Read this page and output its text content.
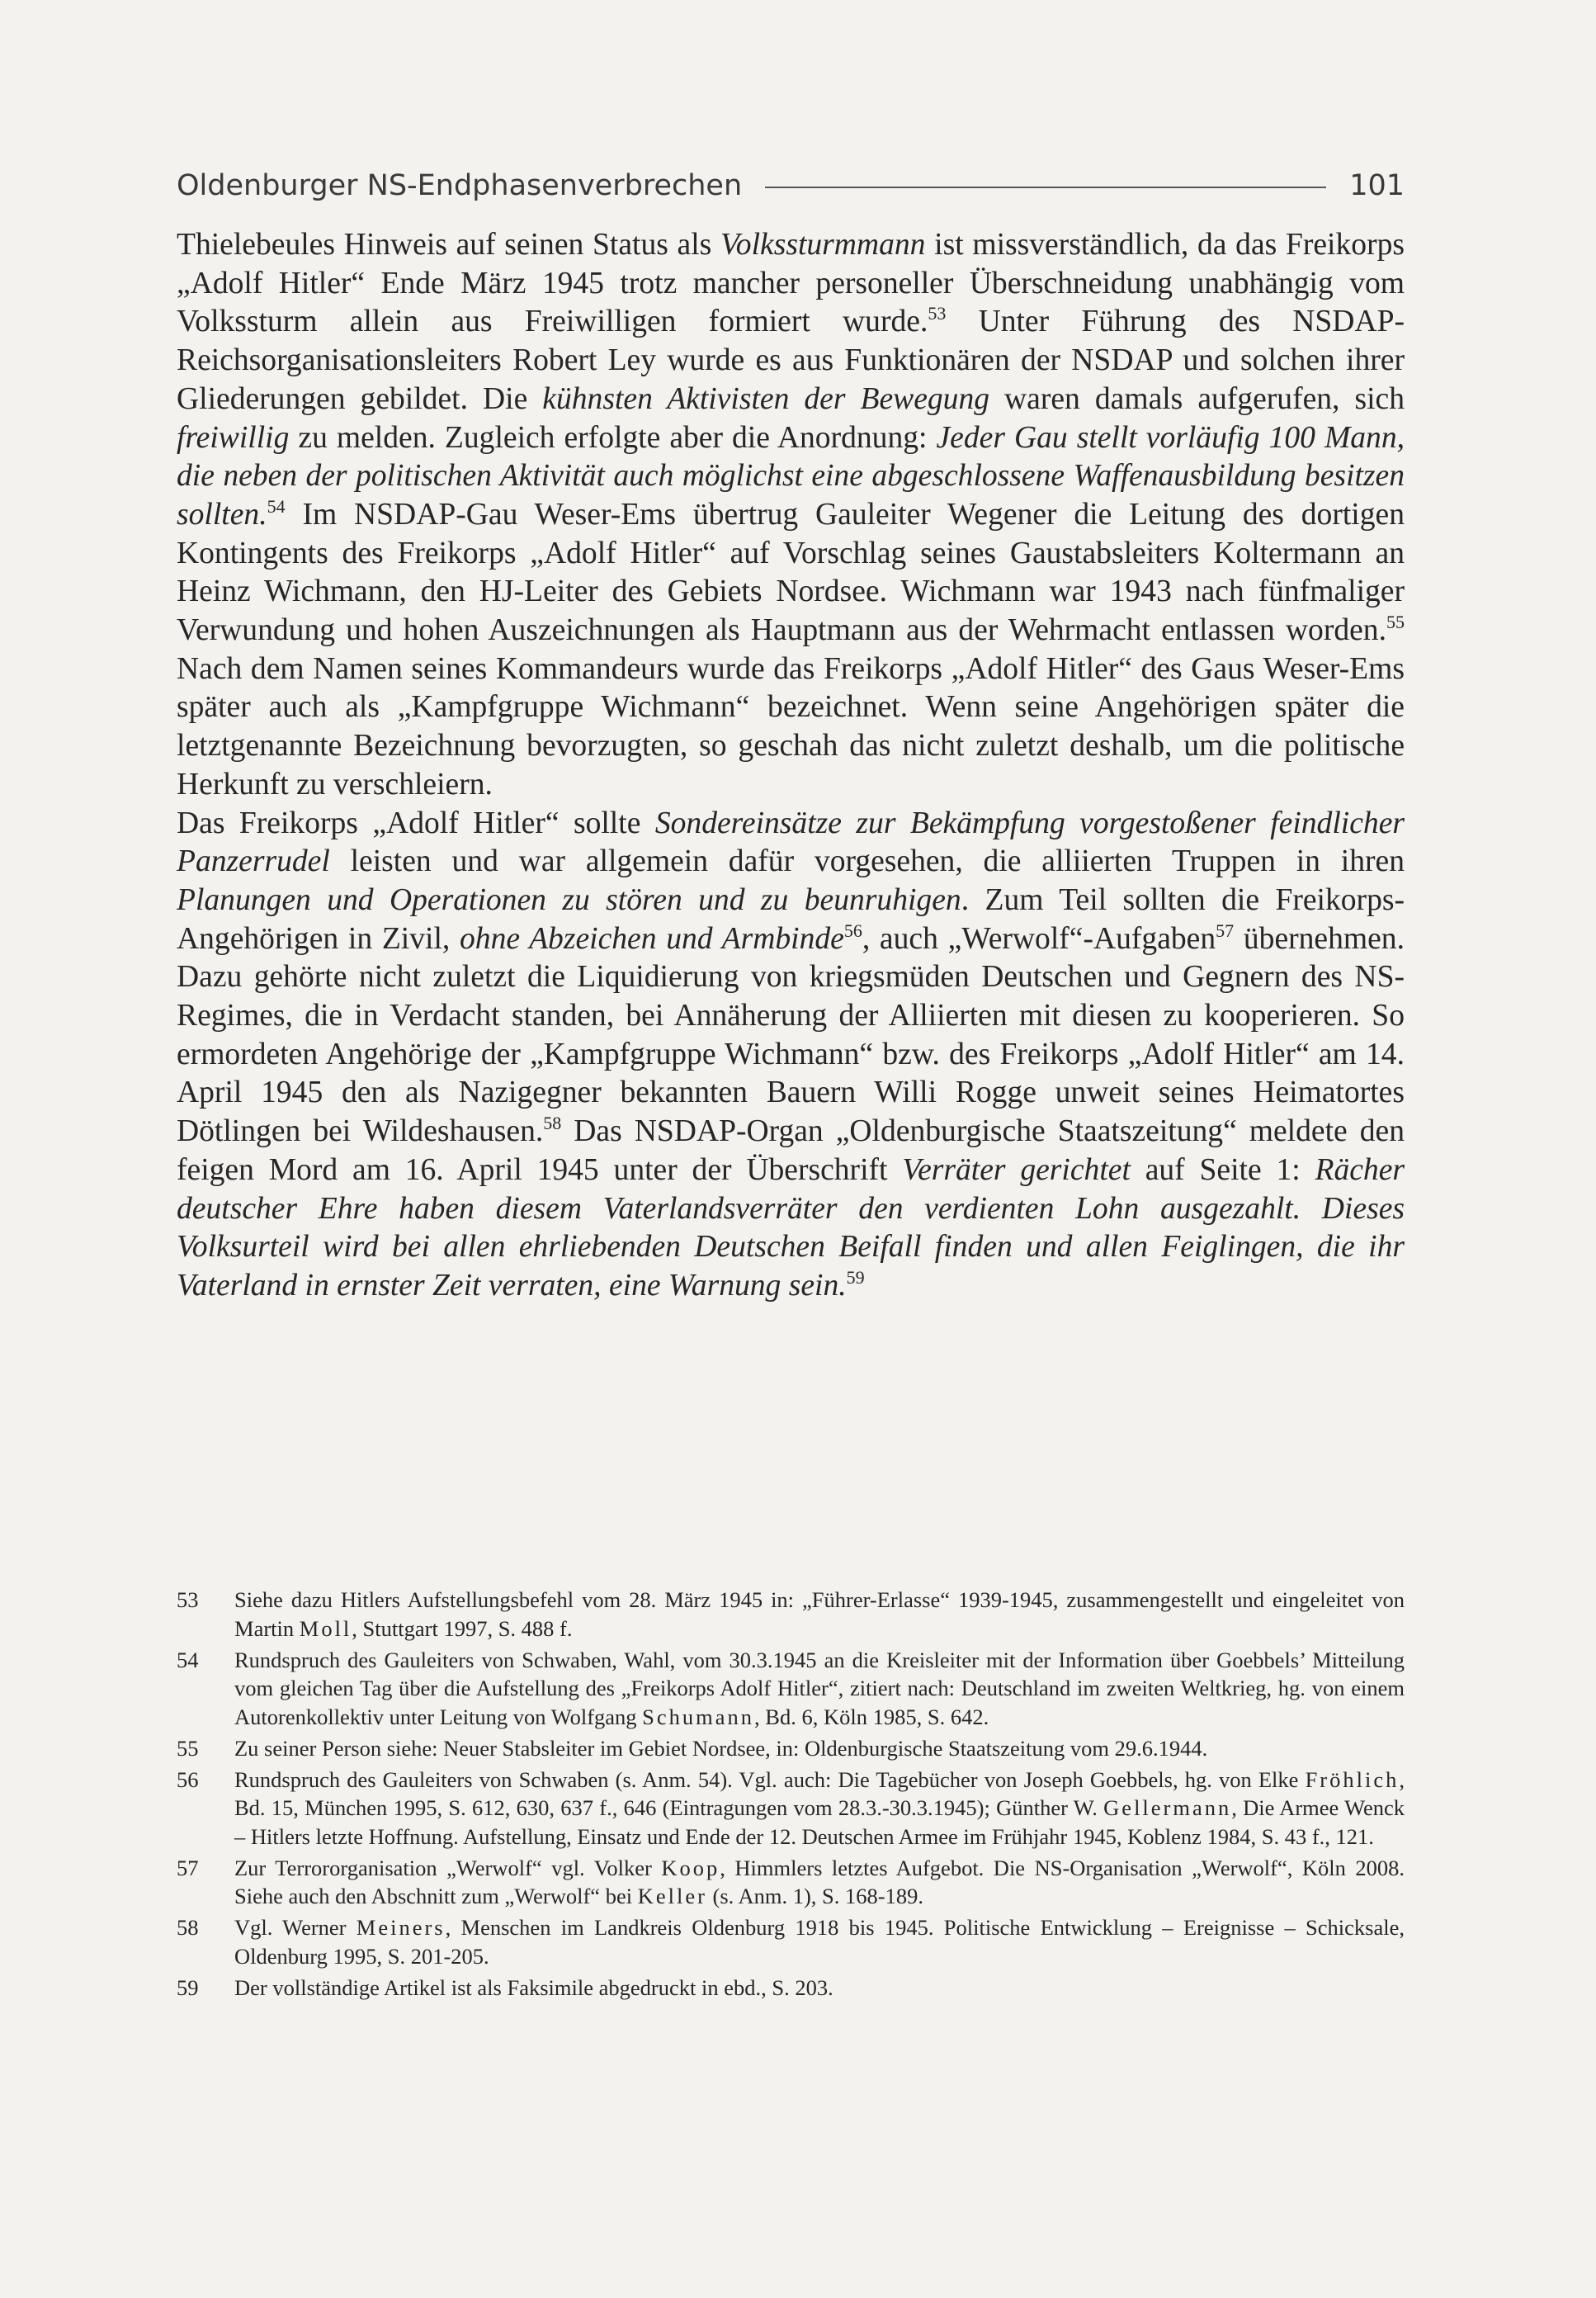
Oldenburger NS-Endphasenverbrechen	101

Thielebeules Hinweis auf seinen Status als Volkssturmmann ist missverständlich, da das Freikorps „Adolf Hitler“ Ende März 1945 trotz mancher personeller Überschneidung unabhängig vom Volkssturm allein aus Freiwilligen formiert wurde.$^{53}$ Unter Führung des NSDAP-Reichsorganisationsleiters Robert Ley wurde es aus Funktionären der NSDAP und solchen ihrer Gliederungen gebildet. Die kühnsten Aktivisten der Bewegung waren damals aufgerufen, sich freiwillig zu melden. Zugleich erfolgte aber die Anordnung: Jeder Gau stellt vorläufig 100 Mann, die neben der politischen Aktivität auch möglichst eine abgeschlossene Waffenausbildung besitzen sollten.$^{54}$ Im NSDAP-Gau Weser-Ems übertrug Gauleiter Wegener die Leitung des dortigen Kontingents des Freikorps „Adolf Hitler“ auf Vorschlag seines Gaustabsleiters Koltermann an Heinz Wichmann, den HJ-Leiter des Gebiets Nordsee. Wichmann war 1943 nach fünfmaliger Verwundung und hohen Auszeichnungen als Hauptmann aus der Wehrmacht entlassen worden.$^{55}$ Nach dem Namen seines Kommandeurs wurde das Freikorps „Adolf Hitler“ des Gaus Weser-Ems später auch als „Kampfgruppe Wichmann“ bezeichnet. Wenn seine Angehörigen später die letztgenannte Bezeichnung bevorzugten, so geschah das nicht zuletzt deshalb, um die politische Herkunft zu verschleiern.

Das Freikorps „Adolf Hitler“ sollte Sondereinsätze zur Bekämpfung vorgestoßener feindlicher Panzerrudel leisten und war allgemein dafür vorgesehen, die alliierten Truppen in ihren Planungen und Operationen zu stören und zu beunruhigen. Zum Teil sollten die Freikorps-Angehörigen in Zivil, ohne Abzeichen und Armbinde$^{56}$, auch „Werwolf“-Aufgaben$^{57}$ übernehmen. Dazu gehörte nicht zuletzt die Liquidierung von kriegsmüden Deutschen und Gegnern des NS-Regimes, die in Verdacht standen, bei Annäherung der Alliierten mit diesen zu kooperieren. So ermordeten Angehörige der „Kampfgruppe Wichmann“ bzw. des Freikorps „Adolf Hitler“ am 14. April 1945 den als Nazigegner bekannten Bauern Willi Rogge unweit seines Heimatortes Dötlingen bei Wildeshausen.$^{58}$ Das NSDAP-Organ „Oldenburgische Staatszeitung“ meldete den feigen Mord am 16. April 1945 unter der Überschrift Verräter gerichtet auf Seite 1: Rächer deutscher Ehre haben diesem Vaterlandsverräter den verdienten Lohn ausgezahlt. Dieses Volksurteil wird bei allen ehrliebenden Deutschen Beifall finden und allen Feiglingen, die ihr Vaterland in ernster Zeit verraten, eine Warnung sein.$^{59}$

53	Siehe dazu Hitlers Aufstellungsbefehl vom 28. März 1945 in: „Führer-Erlasse“ 1939-1945, zusammengestellt und eingeleitet von Martin Moll, Stuttgart 1997, S. 488 f.
54	Rundspruch des Gauleiters von Schwaben, Wahl, vom 30.3.1945 an die Kreisleiter mit der Information über Goebbels’ Mitteilung vom gleichen Tag über die Aufstellung des „Freikorps Adolf Hitler“, zitiert nach: Deutschland im zweiten Weltkrieg, hg. von einem Autorenkollektiv unter Leitung von Wolfgang Schumann, Bd. 6, Köln 1985, S. 642.
55	Zu seiner Person siehe: Neuer Stabsleiter im Gebiet Nordsee, in: Oldenburgische Staatszeitung vom 29.6.1944.
56	Rundspruch des Gauleiters von Schwaben (s. Anm. 54). Vgl. auch: Die Tagebücher von Joseph Goebbels, hg. von Elke Fröhlich, Bd. 15, München 1995, S. 612, 630, 637 f., 646 (Eintragungen vom 28.3.-30.3.1945); Günther W. Gellermann, Die Armee Wenck – Hitlers letzte Hoffnung. Aufstellung, Einsatz und Ende der 12. Deutschen Armee im Frühjahr 1945, Koblenz 1984, S. 43 f., 121.
57	Zur Terrororganisation „Werwolf“ vgl. Volker Koop, Himmlers letztes Aufgebot. Die NS-Organisation „Werwolf“, Köln 2008. Siehe auch den Abschnitt zum „Werwolf“ bei Keller (s. Anm. 1), S. 168-189.
58	Vgl. Werner Meiners, Menschen im Landkreis Oldenburg 1918 bis 1945. Politische Entwicklung – Ereignisse – Schicksale, Oldenburg 1995, S. 201-205.
59	Der vollständige Artikel ist als Faksimile abgedruckt in ebd., S. 203.
